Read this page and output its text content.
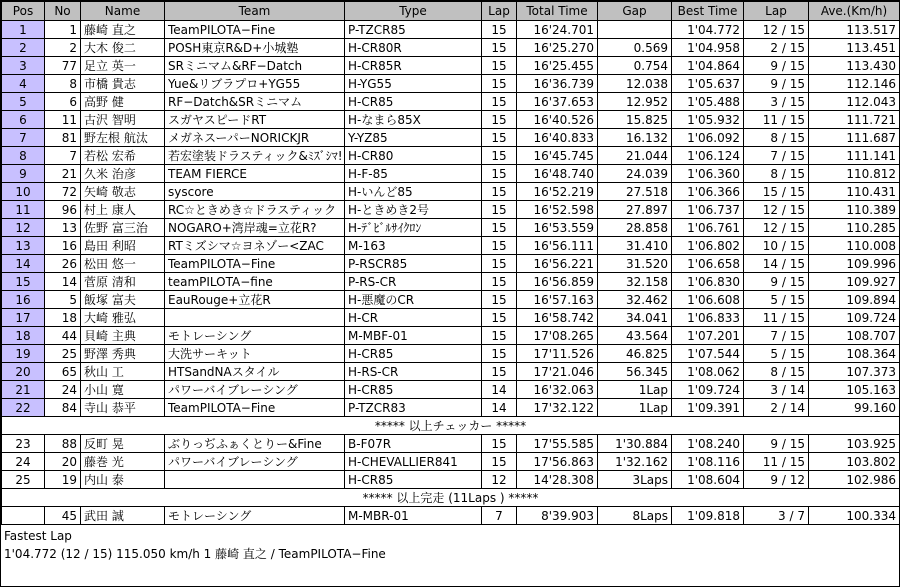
Pos	No	Name	Team	Type	Lap	Total Time	Gap	Best Time	Lap	Ave.(Km/h)
1	1	藤崎 直之	TeamPILOTA−Fine	P-TZCR85	15	16'24.701		1'04.772	12 / 15	113.517
2	2	大木 俊二	POSH東京R&D+小城塾	H-CR80R	15	16'25.270	0.569	1'04.958	2 / 15	113.451
3	77	足立 英一	SRミニマム&RF−Datch	H-CR85R	15	16'25.455	0.754	1'04.864	9 / 15	113.430
4	8	市橋 貴志	Yue&リブラプロ+YG55	H-YG55	15	16'36.739	12.038	1'05.637	9 / 15	112.146
5	6	高野 健	RF−Datch&SRミニマム	H-CR85	15	16'37.653	12.952	1'05.488	3 / 15	112.043
6	11	古沢 智明	スガヤスピードRT	H-なまら85X	15	16'40.526	15.825	1'05.932	11 / 15	111.721
7	81	野左根 航汰	メガネスーパーNORICKJR	Y-YZ85	15	16'40.833	16.132	1'06.092	8 / 15	111.687
8	7	若松 宏希	若宏塗装ドラスティック&ﾐｽﾞｼﾏ!	H-CR80	15	16'45.745	21.044	1'06.124	7 / 15	111.141
9	21	久米 治彦	TEAM FIERCE	H-F-85	15	16'48.740	24.039	1'06.360	8 / 15	110.812
10	72	矢崎 敬志	syscore	H-いんど85	15	16'52.219	27.518	1'06.366	15 / 15	110.431
11	96	村上 康人	RC☆ときめき☆ドラスティック	H-ときめき2号	15	16'52.598	27.897	1'06.737	12 / 15	110.389
12	13	佐野 富三治	NOGARO+湾岸魂=立花R?	H-ﾃﾞﾋﾞﾙｻｲｸﾛﾝ	15	16'53.559	28.858	1'06.761	12 / 15	110.285
13	16	島田 利昭	RTミズシマ☆ヨネゾー<ZAC	M-163	15	16'56.111	31.410	1'06.802	10 / 15	110.008
14	26	松田 悠一	TeamPILOTA−Fine	P-RSCR85	15	16'56.221	31.520	1'06.658	14 / 15	109.996
15	14	菅原 清和	teamPILOTA−fine	P-RS-CR	15	16'56.859	32.158	1'06.830	9 / 15	109.927
16	5	飯塚 富夫	EauRouge+立花R	H-悪魔のCR	15	16'57.163	32.462	1'06.608	5 / 15	109.894
17	18	大崎 雅弘		H-CR	15	16'58.742	34.041	1'06.833	11 / 15	109.724
18	44	貝崎 主典	モトレーシング	M-MBF-01	15	17'08.265	43.564	1'07.201	7 / 15	108.707
19	25	野澤 秀典	大洗サーキット	H-CR85	15	17'11.526	46.825	1'07.544	5 / 15	108.364
20	65	秋山 工	HTSandNAスタイル	H-RS-CR	15	17'21.046	56.345	1'08.062	8 / 15	107.373
21	24	小山 寛	パワーバイブレーシング	H-CR85	14	16'32.063	1Lap	1'09.724	3 / 14	105.163
22	84	寺山 恭平	TeamPILOTA−Fine	P-TZCR83	14	17'32.122	1Lap	1'09.391	2 / 14	99.160
***** 以上チェッカー *****										
23	88	反町 晃	ぶりっぢふぁくとりー&Fine	B-F07R	15	17'55.585	1'30.884	1'08.240	9 / 15	103.925
24	20	藤巻 光	パワーバイブレーシング	H-CHEVALLIER841	15	17'56.863	1'32.162	1'08.116	11 / 15	103.802
25	19	内山 泰		H-CR85	12	14'28.308	3Laps	1'08.604	9 / 12	102.986
***** 以上完走 (11Laps ) *****										
	45	武田 誠	モトレーシング	M-MBR-01	7	8'39.903	8Laps	1'09.818	3 / 7	100.334
Fastest Lap
1'04.772 (12 / 15) 115.050 km/h 1 藤崎 直之 / TeamPILOTA−Fine
